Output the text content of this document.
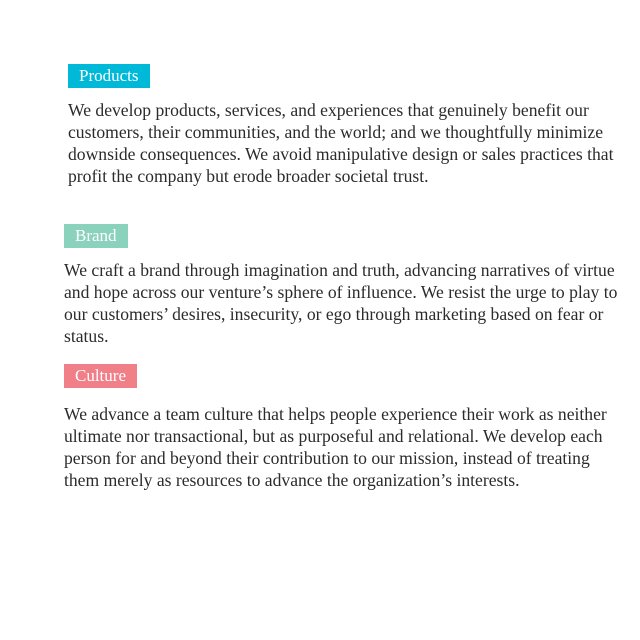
Products

We develop products, services, and experiences that genuinely benefit our customers, their communities, and the world; and we thoughtfully minimize downside consequences. We avoid manipulative design or sales practices that profit the company but erode broader societal trust.

Brand

We craft a brand through imagination and truth, advancing narratives of virtue and hope across our venture’s sphere of influence. We resist the urge to play to our customers’ desires, insecurity, or ego through marketing based on fear or status.

Culture

We advance a team culture that helps people experience their work as neither ultimate nor transactional, but as purposeful and relational. We develop each person for and beyond their contribution to our mission, instead of treating them merely as resources to advance the organization’s interests.
